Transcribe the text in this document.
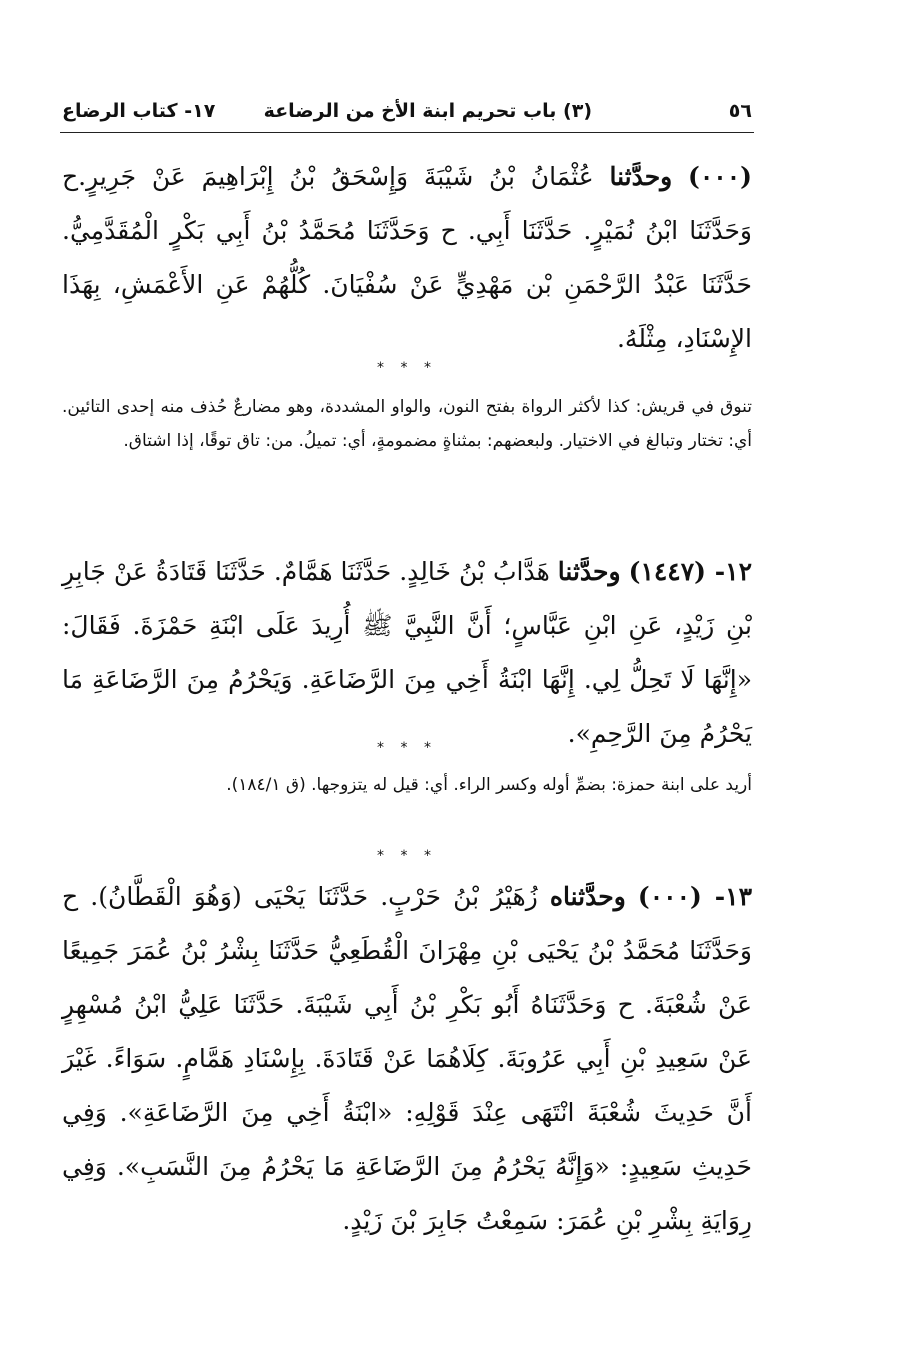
٥٦
(٣) باب تحريم ابنة الأخ من الرضاعة
١٧- كتاب الرضاع
(٠٠٠) وحدَّثنا عُثْمَانُ بْنُ شَيْبَةَ وَإِسْحَقُ بْنُ إِبْرَاهِيمَ عَنْ جَرِيرٍ.ح وَحَدَّثَنَا ابْنُ نُمَيْرٍ. حَدَّثَنَا أَبِي. ح وَحَدَّثَنَا مُحَمَّدُ بْنُ أَبِي بَكْرٍ الْمُقَدَّمِيُّ. حَدَّثَنَا عَبْدُ الرَّحْمَنِ بْن مَهْدِيٍّ عَنْ سُفْيَانَ. كُلُّهُمْ عَنِ الأَعْمَشِ، بِهَذَا الإِسْنَادِ، مِثْلَهُ.
* * *
تنوق في قريش: كذا لأكثر الرواة بفتح النون، والواو المشددة، وهو مضارعٌ حُذف منه إحدى التائين. أي: تختار وتبالغ في الاختيار. ولبعضهم: بمثناةٍ مضمومةٍ، أي: تميلُ. من: تاق توقًا، إذا اشتاق.
١٢- (١٤٤٧) وحدَّثنا هَدَّابُ بْنُ خَالِدٍ. حَدَّثَنَا هَمَّامٌ. حَدَّثَنَا قَتَادَةُ عَنْ جَابِرِ بْنِ زَيْدٍ، عَنِ ابْنِ عَبَّاسٍ؛ أَنَّ النَّبِيَّ ﷺ أُرِيدَ عَلَى ابْنَةِ حَمْزَةَ. فَقَالَ: «إِنَّهَا لَا تَحِلُّ لِي. إِنَّهَا ابْنَةُ أَخِي مِنَ الرَّضَاعَةِ. وَيَحْرُمُ مِنَ الرَّضَاعَةِ مَا يَحْرُمُ مِنَ الرَّحِمِ».
* * *
أريد على ابنة حمزة: بضمِّ أوله وكسر الراء. أي: قيل له يتزوجها. (ق ١٨٤/١).
* * *
١٣- (٠٠٠) وحدَّثناه زُهَيْرُ بْنُ حَرْبٍ. حَدَّثَنَا يَحْيَى (وَهُوَ الْقَطَّانُ). ح وَحَدَّثَنَا مُحَمَّدُ بْنُ يَحْيَى بْنِ مِهْرَانَ الْقُطَعِيُّ حَدَّثَنَا بِشْرُ بْنُ عُمَرَ جَمِيعًا عَنْ شُعْبَةَ. ح وَحَدَّثَنَاهُ أَبُو بَكْرِ بْنُ أَبِي شَيْبَةَ. حَدَّثَنَا عَلِيُّ ابْنُ مُسْهِرٍ عَنْ سَعِيدِ بْنِ أَبِي عَرُوبَةَ. كِلَاهُمَا عَنْ قَتَادَةَ. بِإِسْنَادِ هَمَّامٍ. سَوَاءً. غَيْرَ أَنَّ حَدِيثَ شُعْبَةَ انْتَهَى عِنْدَ قَوْلِهِ: «ابْنَةُ أَخِي مِنَ الرَّضَاعَةِ». وَفِي حَدِيثِ سَعِيدٍ: «وَإِنَّهُ يَحْرُمُ مِنَ الرَّضَاعَةِ مَا يَحْرُمُ مِنَ النَّسَبِ». وَفِي رِوَايَةِ بِشْرِ بْنِ عُمَرَ: سَمِعْتُ جَابِرَ بْنَ زَيْدٍ.
